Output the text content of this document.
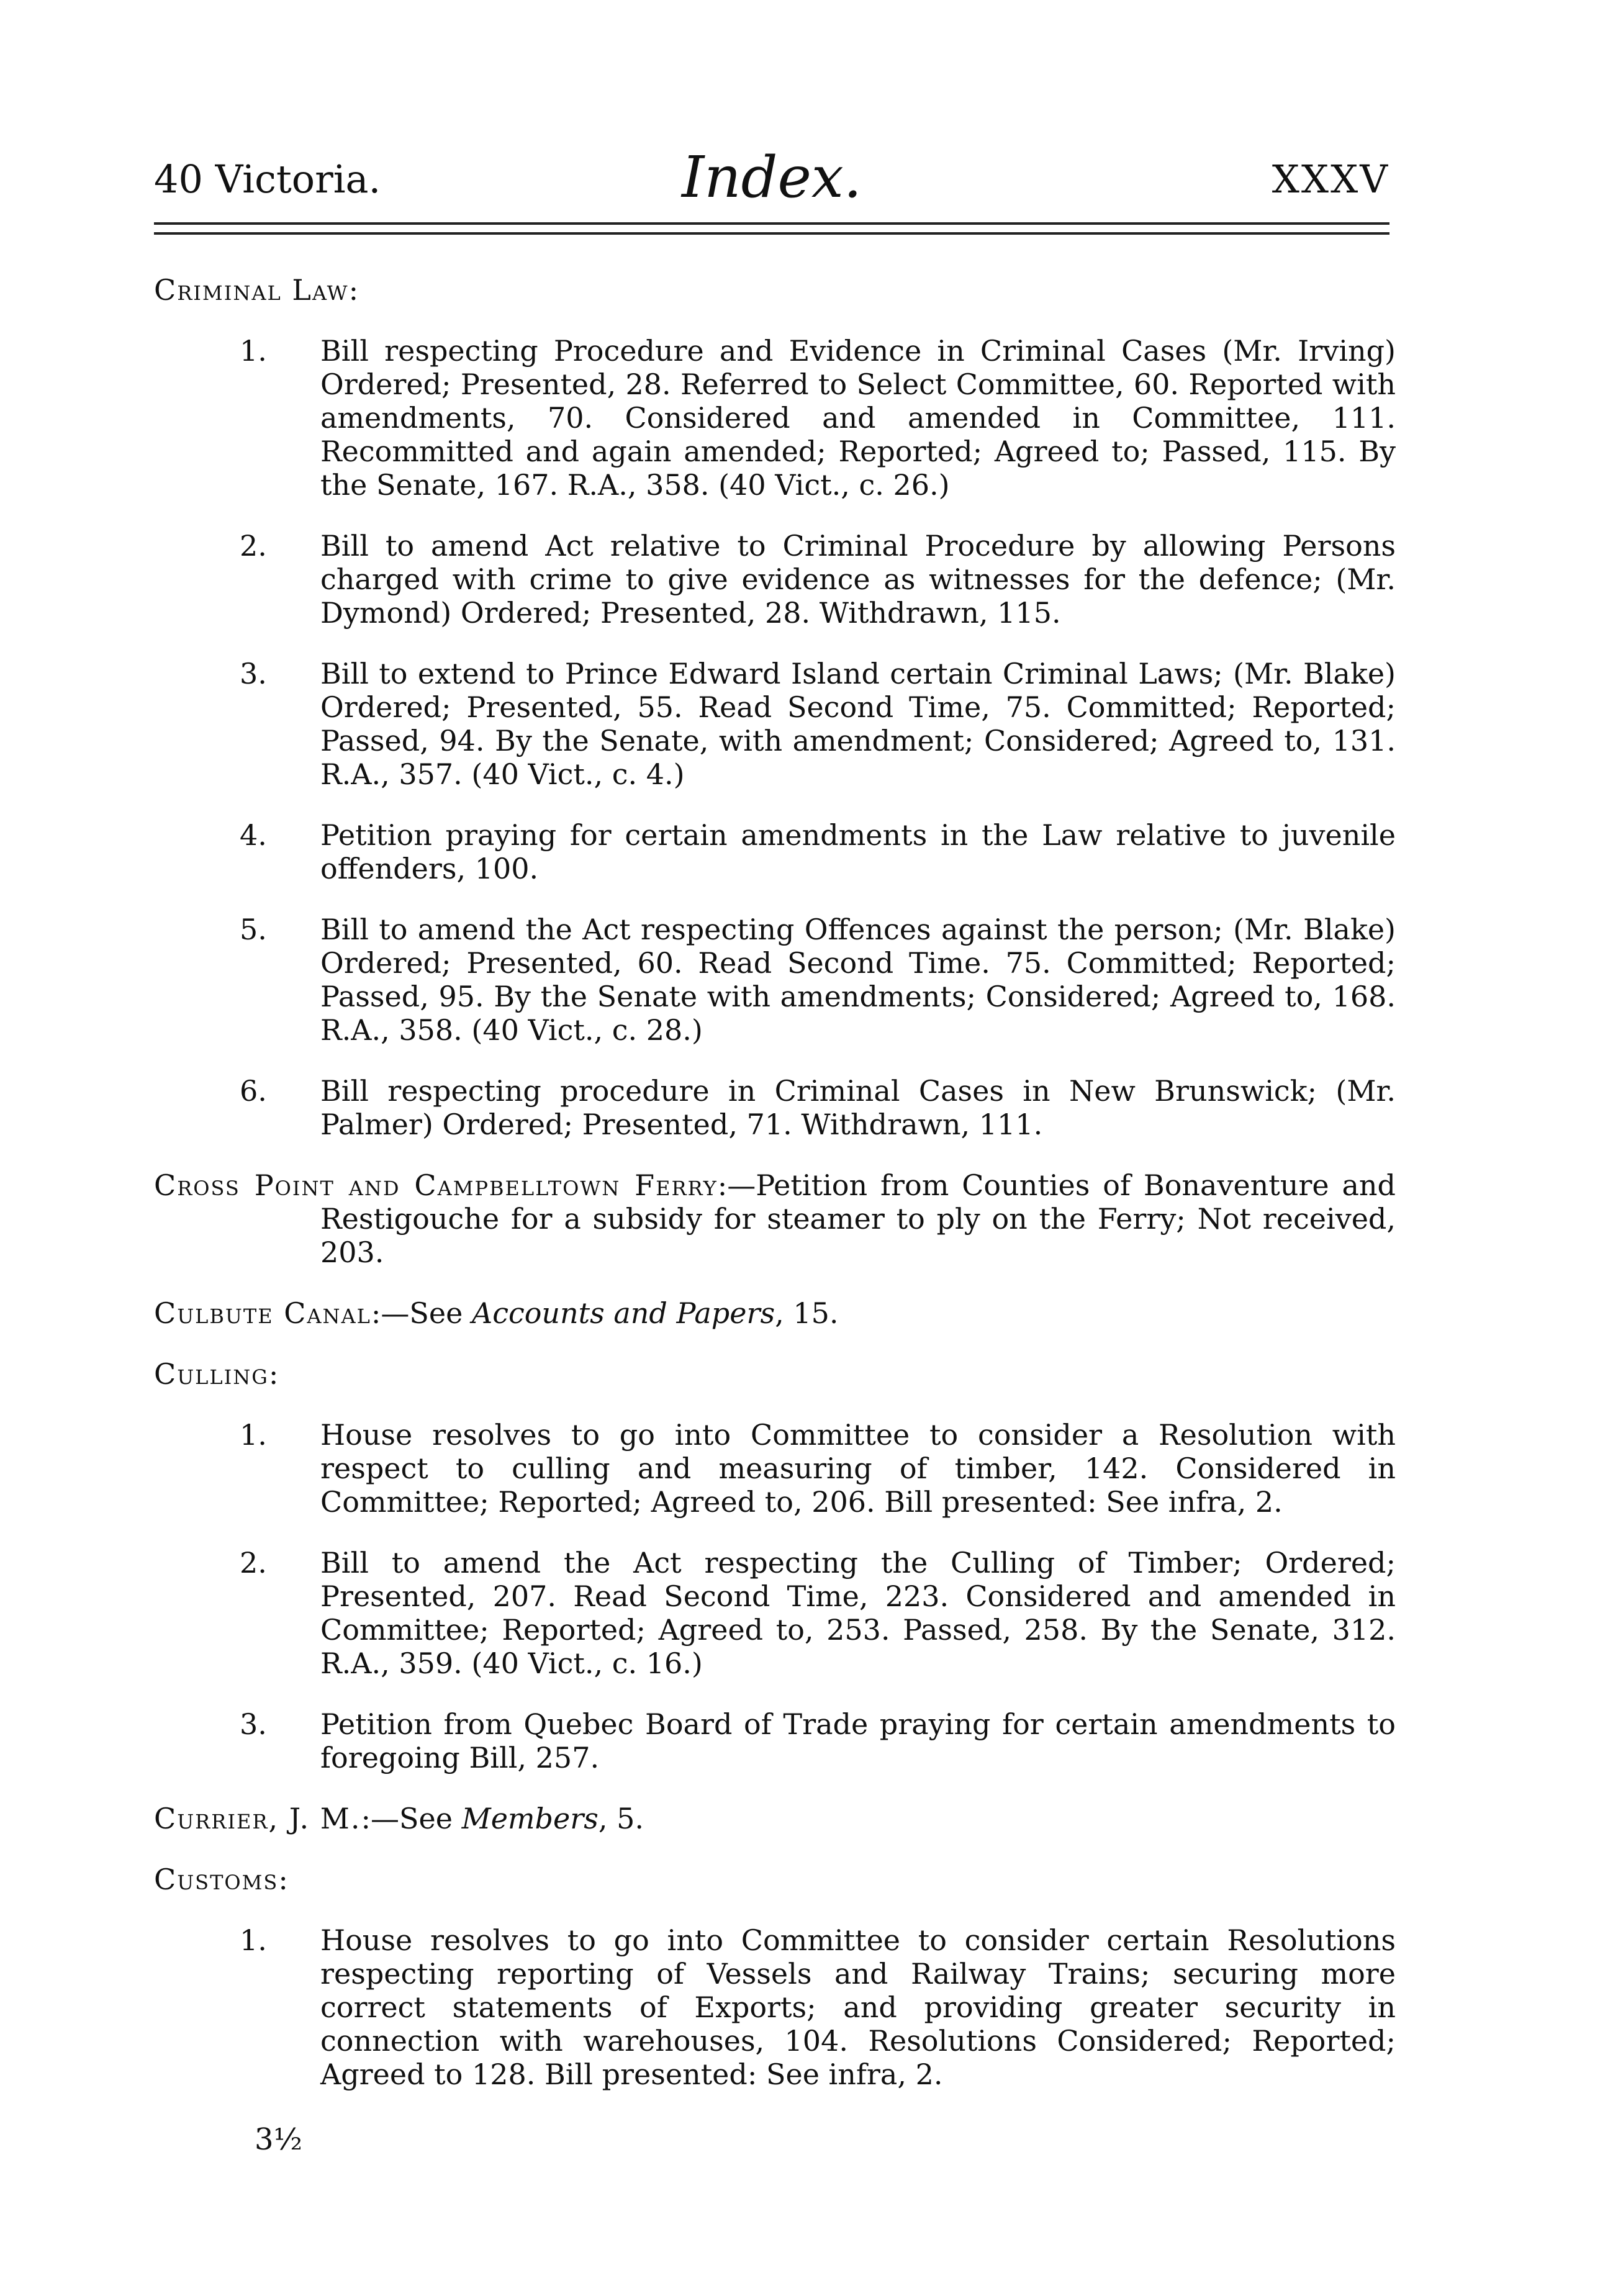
40 Victoria.	Index.	XXXV
Criminal Law:
1. Bill respecting Procedure and Evidence in Criminal Cases (Mr. Irving) Ordered; Presented, 28. Referred to Select Committee, 60. Reported with amendments, 70. Considered and amended in Committee, 111. Recommitted and again amended; Reported; Agreed to; Passed, 115. By the Senate, 167. R.A., 358. (40 Vict., c. 26.)
2. Bill to amend Act relative to Criminal Procedure by allowing Persons charged with crime to give evidence as witnesses for the defence; (Mr. Dymond) Ordered; Presented, 28. Withdrawn, 115.
3. Bill to extend to Prince Edward Island certain Criminal Laws; (Mr. Blake) Ordered; Presented, 55. Read Second Time, 75. Committed; Reported; Passed, 94. By the Senate, with amendment; Considered; Agreed to, 131. R.A., 357. (40 Vict., c. 4.)
4. Petition praying for certain amendments in the Law relative to juvenile offenders, 100.
5. Bill to amend the Act respecting Offences against the person; (Mr. Blake) Ordered; Presented, 60. Read Second Time. 75. Committed; Reported; Passed, 95. By the Senate with amendments; Considered; Agreed to, 168. R.A., 358. (40 Vict., c. 28.)
6. Bill respecting procedure in Criminal Cases in New Brunswick; (Mr. Palmer) Ordered; Presented, 71. Withdrawn, 111.
Cross Point and Campbelltown Ferry:—Petition from Counties of Bonaventure and Restigouche for a subsidy for steamer to ply on the Ferry; Not received, 203.
Culbute Canal:—See Accounts and Papers, 15.
Culling:
1. House resolves to go into Committee to consider a Resolution with respect to culling and measuring of timber, 142. Considered in Committee; Reported; Agreed to, 206. Bill presented: See infra, 2.
2. Bill to amend the Act respecting the Culling of Timber; Ordered; Presented, 207. Read Second Time, 223. Considered and amended in Committee; Reported; Agreed to, 253. Passed, 258. By the Senate, 312. R.A., 359. (40 Vict., c. 16.)
3. Petition from Quebec Board of Trade praying for certain amendments to foregoing Bill, 257.
Currier, J. M.:—See Members, 5.
Customs:
1. House resolves to go into Committee to consider certain Resolutions respecting reporting of Vessels and Railway Trains; securing more correct statements of Exports; and providing greater security in connection with warehouses, 104. Resolutions Considered; Reported; Agreed to 128. Bill presented: See infra, 2.
3½
